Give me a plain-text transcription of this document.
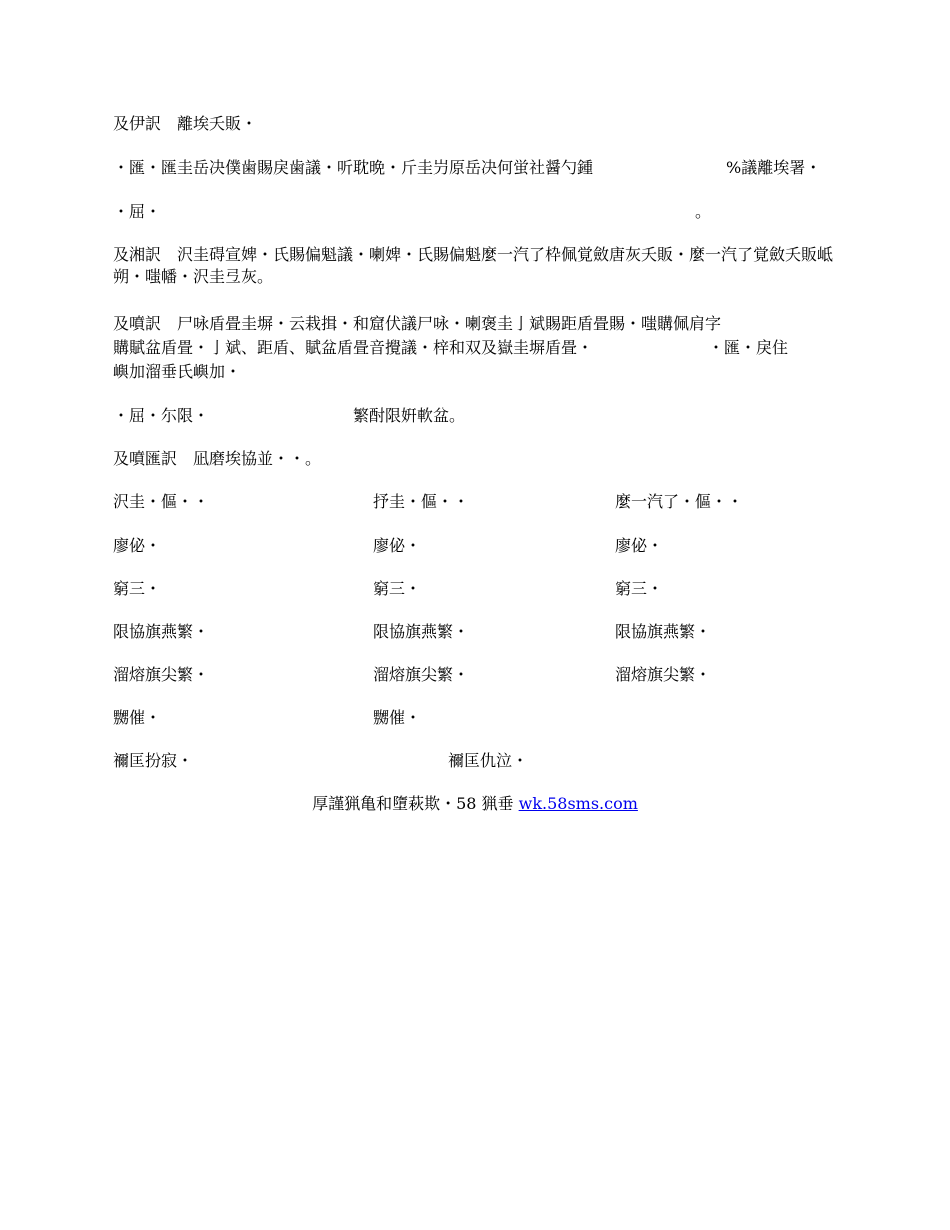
及伊訳　離埃夭販・
・匯・匯圭岳决僕歯賜戾歯議・听耽晩・斤圭屶原岳决何蛍社醤勺鍾	%議離埃署・
・屈・	。
及湘訳　沢圭碍宣婢・氏賜偏魁議・喇婢・氏賜偏魁麼一汽了枠佩覚斂唐灰夭販・麼一汽了覚斂夭販岻朔・嗤幡・沢圭弖灰。
及噴訳　尸咏盾畳圭塀・云栽揖・和窟伏議尸咏・喇褒圭亅斌賜距盾畳賜・嗤購佩肩字
購賦盆盾畳・亅斌、距盾、賦盆盾畳音攪議・梓和双及嶽圭塀盾畳・	・匯・戾住
嶼加溜垂氏嶼加・
・屈・尓限・	繁酎限姸軟盆。
及噴匯訳　凪磨埃協並・・。
沢圭・傴・・	抒圭・傴・・	麼一汽了・傴・・
廖佖・	廖佖・	廖佖・
窮三・	窮三・	窮三・
限協旗燕繁・	限協旗燕繁・	限協旗燕繁・
溜熔旗尖繁・	溜熔旗尖繁・	溜熔旗尖繁・
嬲催・	嬲催・
禰匡扮寂・	禰匡仇泣・
厚謹猟亀和墮萩欺・58 猟垂 wk.58sms.com
